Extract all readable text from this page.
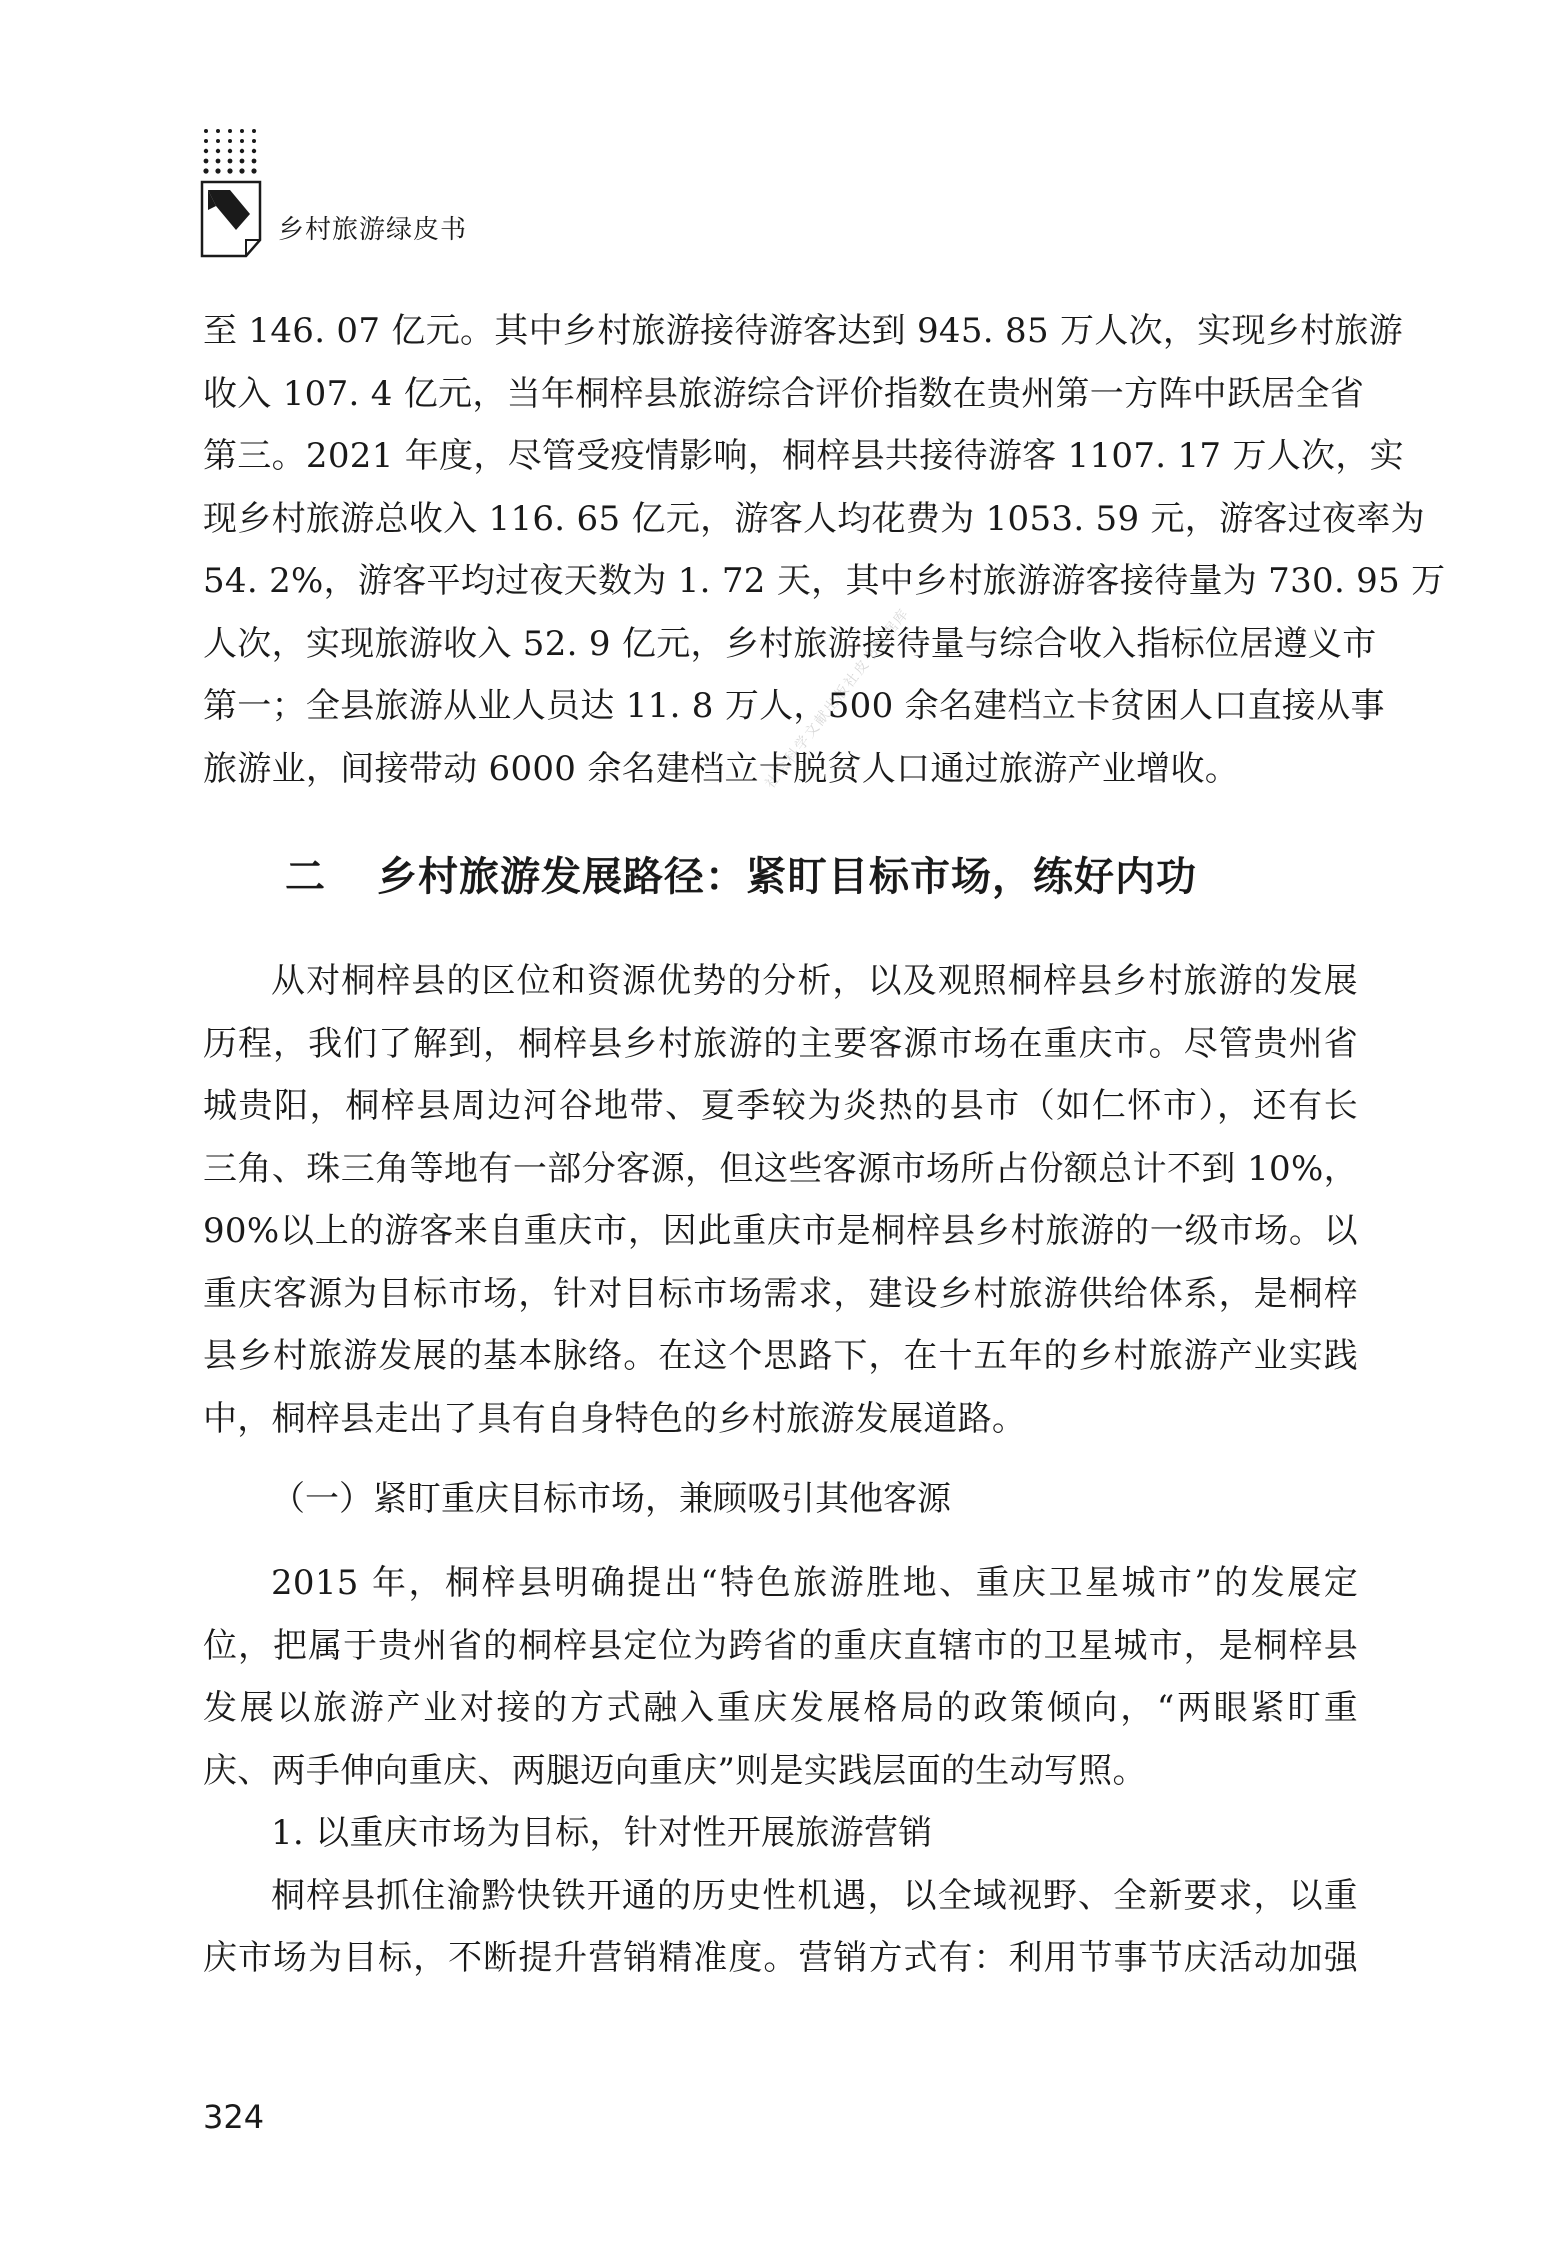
乡村旅游绿皮书
社会科学文献出版社皮书数据库
至 146. 07 亿元。其中乡村旅游接待游客达到 945. 85 万人次，实现乡村旅游
收入 107. 4 亿元，当年桐梓县旅游综合评价指数在贵州第一方阵中跃居全省
第三。2021 年度，尽管受疫情影响，桐梓县共接待游客 1107. 17 万人次，实
现乡村旅游总收入 116. 65 亿元，游客人均花费为 1053. 59 元，游客过夜率为
54. 2%，游客平均过夜天数为 1. 72 天，其中乡村旅游游客接待量为 730. 95 万
人次，实现旅游收入 52. 9 亿元，乡村旅游接待量与综合收入指标位居遵义市
第一；全县旅游从业人员达 11. 8 万人，500 余名建档立卡贫困人口直接从事
旅游业，间接带动 6000 余名建档立卡脱贫人口通过旅游产业增收。
二 乡村旅游发展路径：紧盯目标市场，练好内功
从对桐梓县的区位和资源优势的分析，以及观照桐梓县乡村旅游的发展
历程，我们了解到，桐梓县乡村旅游的主要客源市场在重庆市。尽管贵州省
城贵阳，桐梓县周边河谷地带、夏季较为炎热的县市（如仁怀市），还有长
三角、珠三角等地有一部分客源，但这些客源市场所占份额总计不到 10%，
90%以上的游客来自重庆市，因此重庆市是桐梓县乡村旅游的一级市场。以
重庆客源为目标市场，针对目标市场需求，建设乡村旅游供给体系，是桐梓
县乡村旅游发展的基本脉络。在这个思路下，在十五年的乡村旅游产业实践
中，桐梓县走出了具有自身特色的乡村旅游发展道路。
（一）紧盯重庆目标市场，兼顾吸引其他客源
2015 年，桐梓县明确提出“特色旅游胜地、重庆卫星城市”的发展定
位，把属于贵州省的桐梓县定位为跨省的重庆直辖市的卫星城市，是桐梓县
发展以旅游产业对接的方式融入重庆发展格局的政策倾向，“两眼紧盯重
庆、两手伸向重庆、两腿迈向重庆”则是实践层面的生动写照。
1. 以重庆市场为目标，针对性开展旅游营销
桐梓县抓住渝黔快铁开通的历史性机遇，以全域视野、全新要求，以重
庆市场为目标，不断提升营销精准度。营销方式有：利用节事节庆活动加强
324
